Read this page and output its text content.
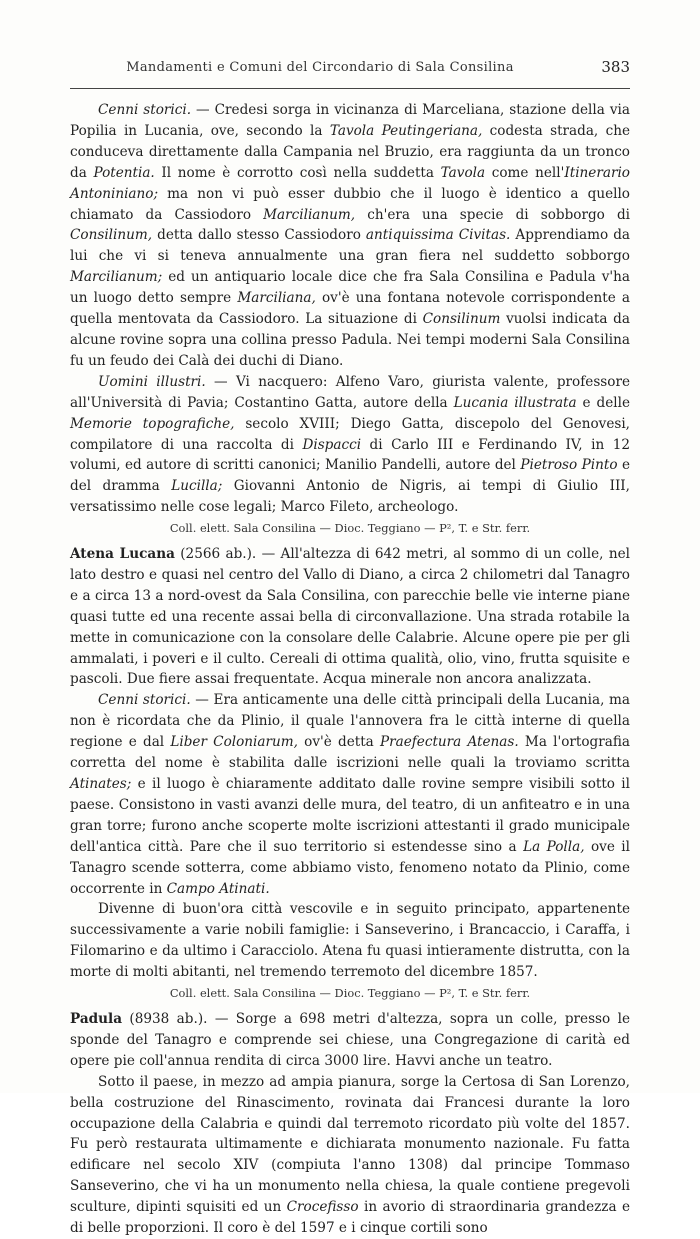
Mandamenti e Comuni del Circondario di Sala Consilina	383

Cenni storici. — Credesi sorga in vicinanza di Marceliana, stazione della via Popilia in Lucania, ove, secondo la Tavola Peutingeriana, codesta strada, che conduceva direttamente dalla Campania nel Bruzio, era raggiunta da un tronco da Potentia. Il nome è corrotto così nella suddetta Tavola come nell'Itinerario Antoniniano; ma non vi può esser dubbio che il luogo è identico a quello chiamato da Cassiodoro Marcilianum, ch'era una specie di sobborgo di Consilinum, detta dallo stesso Cassiodoro antiquissima Civitas. Apprendiamo da lui che vi si teneva annualmente una gran fiera nel suddetto sobborgo Marcilianum; ed un antiquario locale dice che fra Sala Consilina e Padula v'ha un luogo detto sempre Marciliana, ov'è una fontana notevole corrispondente a quella mentovata da Cassiodoro. La situazione di Consilinum vuolsi indicata da alcune rovine sopra una collina presso Padula. Nei tempi moderni Sala Consilina fu un feudo dei Calà dei duchi di Diano.

Uomini illustri. — Vi nacquero: Alfeno Varo, giurista valente, professore all'Università di Pavia; Costantino Gatta, autore della Lucania illustrata e delle Memorie topografiche, secolo XVIII; Diego Gatta, discepolo del Genovesi, compilatore di una raccolta di Dispacci di Carlo III e Ferdinando IV, in 12 volumi, ed autore di scritti canonici; Manilio Pandelli, autore del Pietroso Pinto e del dramma Lucilla; Giovanni Antonio de Nigris, ai tempi di Giulio III, versatissimo nelle cose legali; Marco Fileto, archeologo.

Coll. elett. Sala Consilina — Dioc. Teggiano — P², T. e Str. ferr.

Atena Lucana (2566 ab.). — All'altezza di 642 metri, al sommo di un colle, nel lato destro e quasi nel centro del Vallo di Diano, a circa 2 chilometri dal Tanagro e a circa 13 a nord-ovest da Sala Consilina, con parecchie belle vie interne piane quasi tutte ed una recente assai bella di circonvallazione. Una strada rotabile la mette in comunicazione con la consolare delle Calabrie. Alcune opere pie per gli ammalati, i poveri e il culto. Cereali di ottima qualità, olio, vino, frutta squisite e pascoli. Due fiere assai frequentate. Acqua minerale non ancora analizzata.

Cenni storici. — Era anticamente una delle città principali della Lucania, ma non è ricordata che da Plinio, il quale l'annovera fra le città interne di quella regione e dal Liber Coloniarum, ov'è detta Praefectura Atenas. Ma l'ortografia corretta del nome è stabilita dalle iscrizioni nelle quali la troviamo scritta Atinates; e il luogo è chiaramente additato dalle rovine sempre visibili sotto il paese. Consistono in vasti avanzi delle mura, del teatro, di un anfiteatro e in una gran torre; furono anche scoperte molte iscrizioni attestanti il grado municipale dell'antica città. Pare che il suo territorio si estendesse sino a La Polla, ove il Tanagro scende sotterra, come abbiamo visto, fenomeno notato da Plinio, come occorrente in Campo Atinati.

Divenne di buon'ora città vescovile e in seguito principato, appartenente successivamente a varie nobili famiglie: i Sanseverino, i Brancaccio, i Caraffa, i Filomarino e da ultimo i Caracciolo. Atena fu quasi intieramente distrutta, con la morte di molti abitanti, nel tremendo terremoto del dicembre 1857.

Coll. elett. Sala Consilina — Dioc. Teggiano — P², T. e Str. ferr.

Padula (8938 ab.). — Sorge a 698 metri d'altezza, sopra un colle, presso le sponde del Tanagro e comprende sei chiese, una Congregazione di carità ed opere pie coll'annua rendita di circa 3000 lire. Havvi anche un teatro.

Sotto il paese, in mezzo ad ampia pianura, sorge la Certosa di San Lorenzo, bella costruzione del Rinascimento, rovinata dai Francesi durante la loro occupazione della Calabria e quindi dal terremoto ricordato più volte del 1857. Fu però restaurata ultimamente e dichiarata monumento nazionale. Fu fatta edificare nel secolo XIV (compiuta l'anno 1308) dal principe Tommaso Sanseverino, che vi ha un monumento nella chiesa, la quale contiene pregevoli sculture, dipinti squisiti ed un Crocefisso in avorio di straordinaria grandezza e di belle proporzioni. Il coro è del 1597 e i cinque cortili sono
